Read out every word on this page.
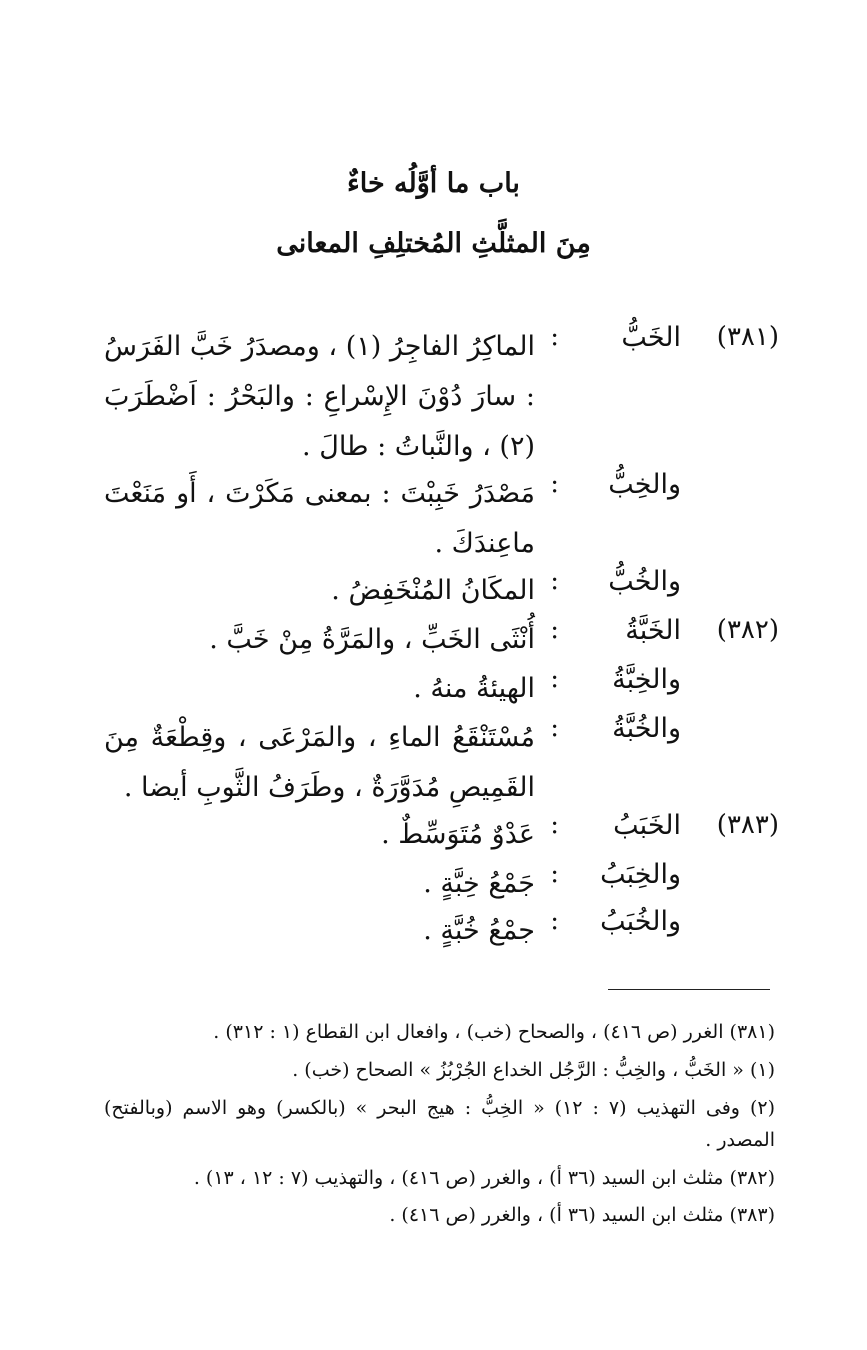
باب ما أوَّلُه خاءٌ
مِنَ المثلَّثِ المُختلِفِ المعانى
(٣٨١)
الخَبُّ
:
الماكِرُ الفاجِرُ (١) ، ومصدَرُ خَبَّ الفَرَسُ : سارَ دُوْنَ الإِسْراعِ : والبَحْرُ : اَضْطَرَبَ (٢) ، والنَّباتُ : طالَ .
والخِبُّ
:
مَصْدَرُ خَبِبْتَ : بمعنى مَكَرْتَ ، أَو مَنَعْتَ ماعِندَكَ .
والخُبُّ
:
المكَانُ المُنْخَفِضُ .
(٣٨٢)
الخَبَّةُ
:
أُنْثَى الخَبِّ ، والمَرَّةُ مِنْ خَبَّ .
والخِبَّةُ
:
الهيئةُ منهُ .
والخُبَّةُ
:
مُسْتَنْقَعُ الماءِ ، والمَرْعَى ، وقِطْعَةٌ مِنَ القَمِيصِ مُدَوَّرَةٌ ، وطَرَفُ الثَّوبِ أيضا .
(٣٨٣)
الخَبَبُ
:
عَدْوٌ مُتَوَسِّطٌ .
والخِبَبُ
:
جَمْعُ خِبَّةٍ .
والخُبَبُ
:
جمْعُ خُبَّةٍ .
(٣٨١) الغرر (ص ٤١٦) ، والصحاح (خب) ، وافعال ابن القطاع (١ : ٣١٢) .
(١) « الخَبُّ ، والخِبُّ : الرَّجُل الخداع الجُرْبُزُ » الصحاح (خب) .
(٢) وفى التهذيب (٧ : ١٢) « الخِبُّ : هيج البحر » (بالكسر) وهو الاسم (وبالفتح) المصدر .
(٣٨٢) مثلث ابن السيد (٣٦ أ) ، والغرر (ص ٤١٦) ، والتهذيب (٧ : ١٢ ، ١٣) .
(٣٨٣) مثلث ابن السيد (٣٦ أ) ، والغرر (ص ٤١٦) .
